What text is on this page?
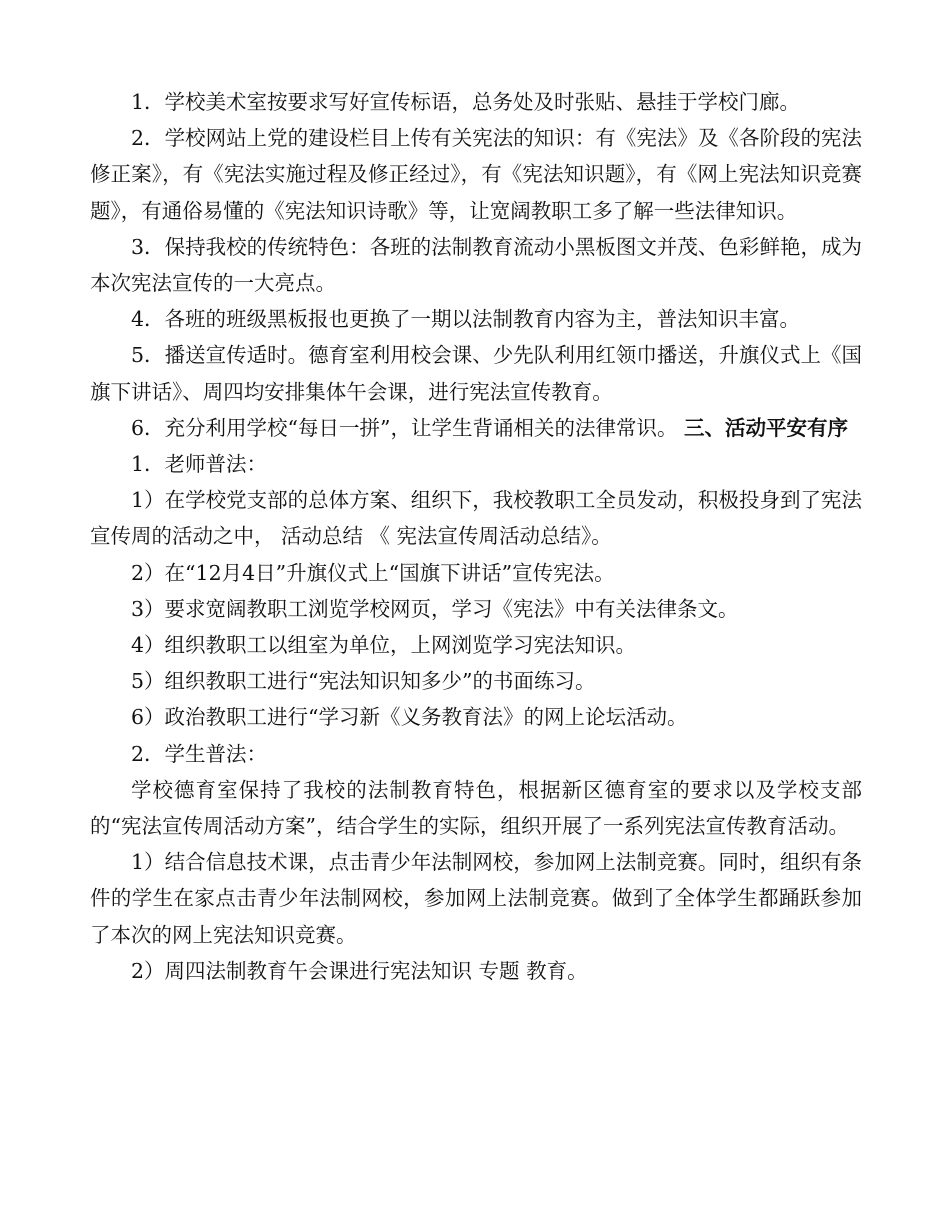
1．学校美术室按要求写好宣传标语，总务处及时张贴、悬挂于学校门廊。

2．学校网站上党的建设栏目上传有关宪法的知识：有《宪法》及《各阶段的宪法修正案》，有《宪法实施过程及修正经过》，有《宪法知识题》，有《网上宪法知识竞赛题》，有通俗易懂的《宪法知识诗歌》等，让宽阔教职工多了解一些法律知识。

3．保持我校的传统特色：各班的法制教育流动小黑板图文并茂、色彩鲜艳，成为本次宪法宣传的一大亮点。

4．各班的班级黑板报也更换了一期以法制教育内容为主，普法知识丰富。

5．播送宣传适时。德育室利用校会课、少先队利用红领巾播送，升旗仪式上《国旗下讲话》、周四均安排集体午会课，进行宪法宣传教育。

6．充分利用学校“每日一拼”，让学生背诵相关的法律常识。 三、活动平安有序

1．老师普法：

1）在学校党支部的总体方案、组织下，我校教职工全员发动，积极投身到了宪法宣传周的活动之中， 活动总结 《 宪法宣传周活动总结》。

2）在“12月4日”升旗仪式上“国旗下讲话”宣传宪法。

3）要求宽阔教职工浏览学校网页，学习《宪法》中有关法律条文。

4）组织教职工以组室为单位，上网浏览学习宪法知识。

5）组织教职工进行“宪法知识知多少”的书面练习。

6）政治教职工进行“学习新《义务教育法》的网上论坛活动。

2．学生普法：

学校德育室保持了我校的法制教育特色，根据新区德育室的要求以及学校支部的“宪法宣传周活动方案”，结合学生的实际，组织开展了一系列宪法宣传教育活动。

1）结合信息技术课，点击青少年法制网校，参加网上法制竞赛。同时，组织有条件的学生在家点击青少年法制网校，参加网上法制竞赛。做到了全体学生都踊跃参加了本次的网上宪法知识竞赛。

2）周四法制教育午会课进行宪法知识 专题 教育。
